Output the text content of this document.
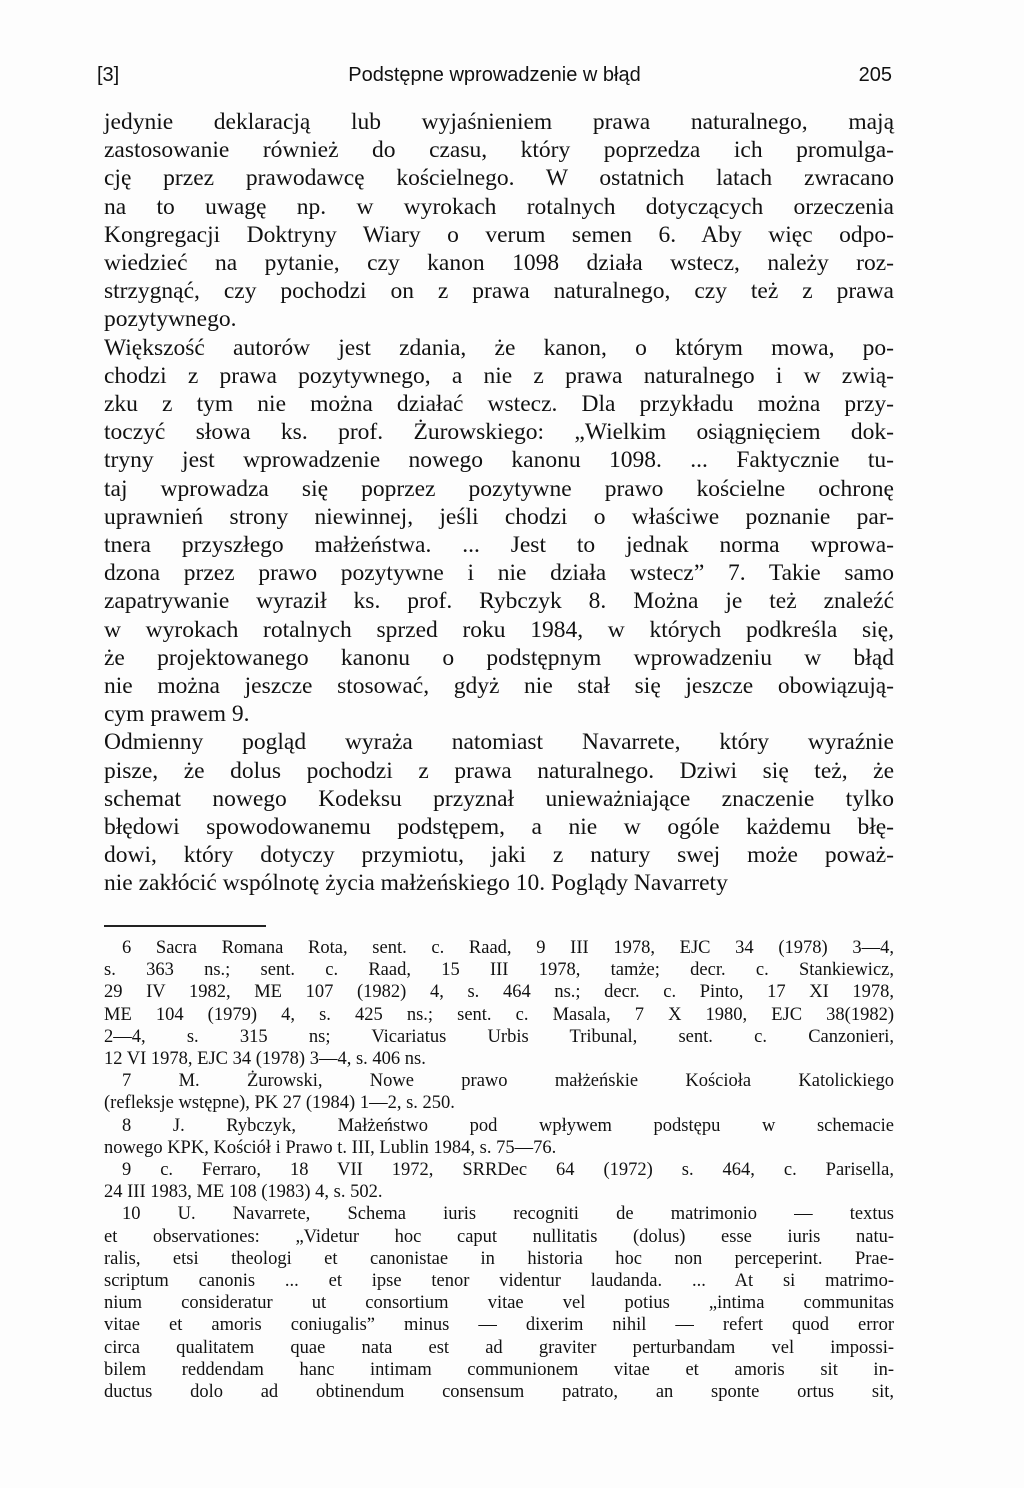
[3]	Podstępne wprowadzenie w błąd	205
jedynie deklaracją lub wyjaśnieniem prawa naturalnego, mają
zastosowanie również do czasu, który poprzedza ich promulga-
cję przez prawodawcę kościelnego. W ostatnich latach zwracano
na to uwagę np. w wyrokach rotalnych dotyczących orzeczenia
Kongregacji Doktryny Wiary o verum semen 6. Aby więc odpo-
wiedzieć na pytanie, czy kanon 1098 działa wstecz, należy roz-
strzygnąć, czy pochodzi on z prawa naturalnego, czy też z prawa
pozytywnego.
Większość autorów jest zdania, że kanon, o którym mowa, po-
chodzi z prawa pozytywnego, a nie z prawa naturalnego i w zwią-
zku z tym nie można działać wstecz. Dla przykładu można przy-
toczyć słowa ks. prof. Żurowskiego: „Wielkim osiągnięciem dok-
tryny jest wprowadzenie nowego kanonu 1098. ... Faktycznie tu-
taj wprowadza się poprzez pozytywne prawo kościelne ochronę
uprawnień strony niewinnej, jeśli chodzi o właściwe poznanie par-
tnera przyszłego małżeństwa. ... Jest to jednak norma wprowa-
dzona przez prawo pozytywne i nie działa wstecz” 7. Takie samo
zapatrywanie wyraził ks. prof. Rybczyk 8. Można je też znaleźć
w wyrokach rotalnych sprzed roku 1984, w których podkreśla się,
że projektowanego kanonu o podstępnym wprowadzeniu w błąd
nie można jeszcze stosować, gdyż nie stał się jeszcze obowiązują-
cym prawem 9.
Odmienny pogląd wyraża natomiast Navarrete, który wyraźnie
pisze, że dolus pochodzi z prawa naturalnego. Dziwi się też, że
schemat nowego Kodeksu przyznał unieważniające znaczenie tylko
błędowi spowodowanemu podstępem, a nie w ogóle każdemu błę-
dowi, który dotyczy przymiotu, jaki z natury swej może poważ-
nie zakłócić wspólnotę życia małżeńskiego 10. Poglądy Navarrety
6 Sacra Romana Rota, sent. c. Raad, 9 III 1978, EJC 34 (1978) 3—4,
s. 363 ns.; sent. c. Raad, 15 III 1978, tamże; decr. c. Stankiewicz,
29 IV 1982, ME 107 (1982) 4, s. 464 ns.; decr. c. Pinto, 17 XI 1978,
ME 104 (1979) 4, s. 425 ns.; sent. c. Masala, 7 X 1980, EJC 38(1982)
2—4, s. 315 ns; Vicariatus Urbis Tribunal, sent. c. Canzonieri,
12 VI 1978, EJC 34 (1978) 3—4, s. 406 ns.
7 M. Żurowski, Nowe prawo małżeńskie Kościoła Katolickiego
(refleksje wstępne), PK 27 (1984) 1—2, s. 250.
8 J. Rybczyk, Małżeństwo pod wpływem podstępu w schemacie
nowego KPK, Kościół i Prawo t. III, Lublin 1984, s. 75—76.
9 c. Ferraro, 18 VII 1972, SRRDec 64 (1972) s. 464, c. Parisella,
24 III 1983, ME 108 (1983) 4, s. 502.
10 U. Navarrete, Schema iuris recogniti de matrimonio — textus
et observationes: „Videtur hoc caput nullitatis (dolus) esse iuris natu-
ralis, etsi theologi et canonistae in historia hoc non perceperint. Prae-
scriptum canonis ... et ipse tenor videntur laudanda. ... At si matrimo-
nium consideratur ut consortium vitae vel potius „intima communitas
vitae et amoris coniugalis” minus — dixerim nihil — refert quod error
circa qualitatem quae nata est ad graviter perturbandam vel impossi-
bilem reddendam hanc intimam communionem vitae et amoris sit in-
ductus dolo ad obtinendum consensum patrato, an sponte ortus sit,
